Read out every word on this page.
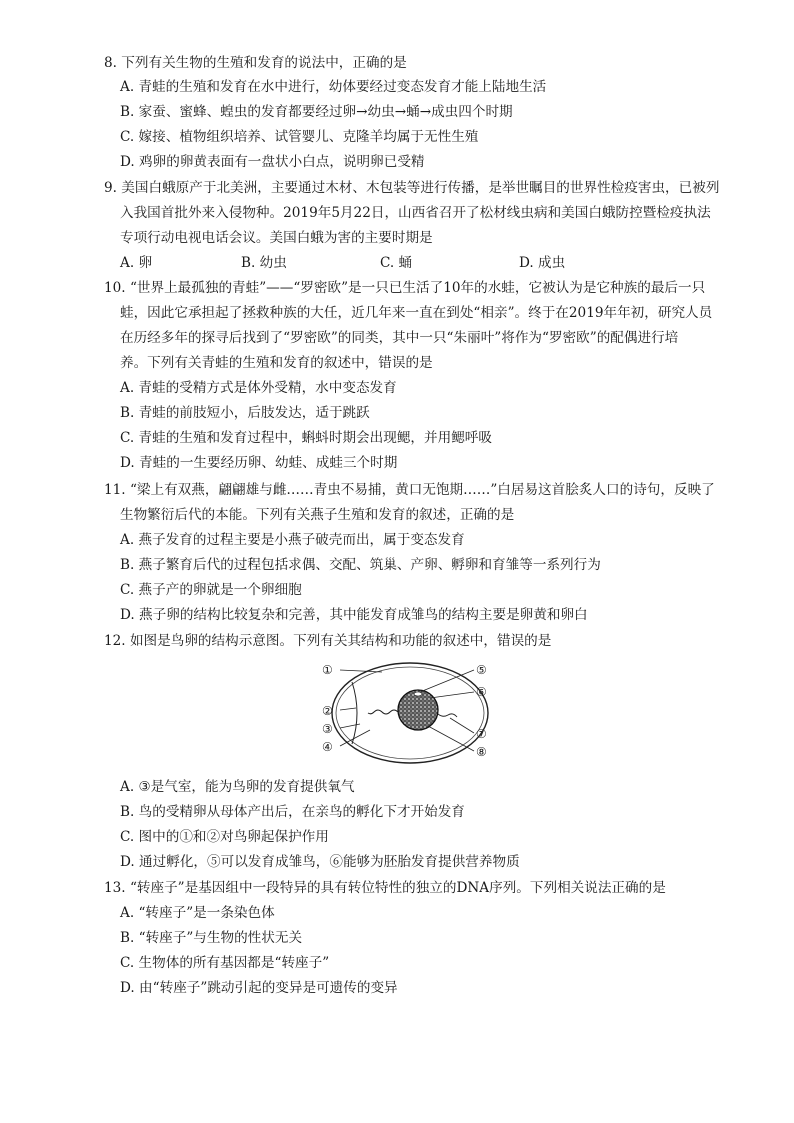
8. 下列有关生物的生殖和发育的说法中，正确的是
A. 青蛙的生殖和发育在水中进行，幼体要经过变态发育才能上陆地生活
B. 家蚕、蜜蜂、蝗虫的发育都要经过卵→幼虫→蛹→成虫四个时期
C. 嫁接、植物组织培养、试管婴儿、克隆羊均属于无性生殖
D. 鸡卵的卵黄表面有一盘状小白点，说明卵已受精
9. 美国白蛾原产于北美洲，主要通过木材、木包装等进行传播，是举世瞩目的世界性检疫害虫，已被列
入我国首批外来入侵物种。2019年5月22日，山西省召开了松材线虫病和美国白蛾防控暨检疫执法
专项行动电视电话会议。美国白蛾为害的主要时期是
A. 卵	B. 幼虫	C. 蛹	D. 成虫
10. “世界上最孤独的青蛙”——“罗密欧”是一只已生活了10年的水蛙，它被认为是它种族的最后一只
蛙，因此它承担起了拯救种族的大任，近几年来一直在到处“相亲”。终于在2019年年初，研究人员
在历经多年的探寻后找到了“罗密欧”的同类，其中一只“朱丽叶”将作为“罗密欧”的配偶进行培
养。下列有关青蛙的生殖和发育的叙述中，错误的是
A. 青蛙的受精方式是体外受精，水中变态发育
B. 青蛙的前肢短小，后肢发达，适于跳跃
C. 青蛙的生殖和发育过程中，蝌蚪时期会出现鳃，并用鳃呼吸
D. 青蛙的一生要经历卵、幼蛙、成蛙三个时期
11. “梁上有双燕，翩翩雄与雌……青虫不易捕，黄口无饱期……”白居易这首脍炙人口的诗句，反映了
生物繁衍后代的本能。下列有关燕子生殖和发育的叙述，正确的是
A. 燕子发育的过程主要是小燕子破壳而出，属于变态发育
B. 燕子繁育后代的过程包括求偶、交配、筑巢、产卵、孵卵和育雏等一系列行为
C. 燕子产的卵就是一个卵细胞
D. 燕子卵的结构比较复杂和完善，其中能发育成雏鸟的结构主要是卵黄和卵白
12. 如图是鸟卵的结构示意图。下列有关其结构和功能的叙述中，错误的是
①
②
③
④
⑤
⑥
⑦
⑧
A. ③是气室，能为鸟卵的发育提供氧气
B. 鸟的受精卵从母体产出后，在亲鸟的孵化下才开始发育
C. 图中的①和②对鸟卵起保护作用
D. 通过孵化，⑤可以发育成雏鸟，⑥能够为胚胎发育提供营养物质
13. “转座子”是基因组中一段特异的具有转位特性的独立的DNA序列。下列相关说法正确的是
A. “转座子”是一条染色体
B. “转座子”与生物的性状无关
C. 生物体的所有基因都是“转座子”
D. 由“转座子”跳动引起的变异是可遗传的变异
